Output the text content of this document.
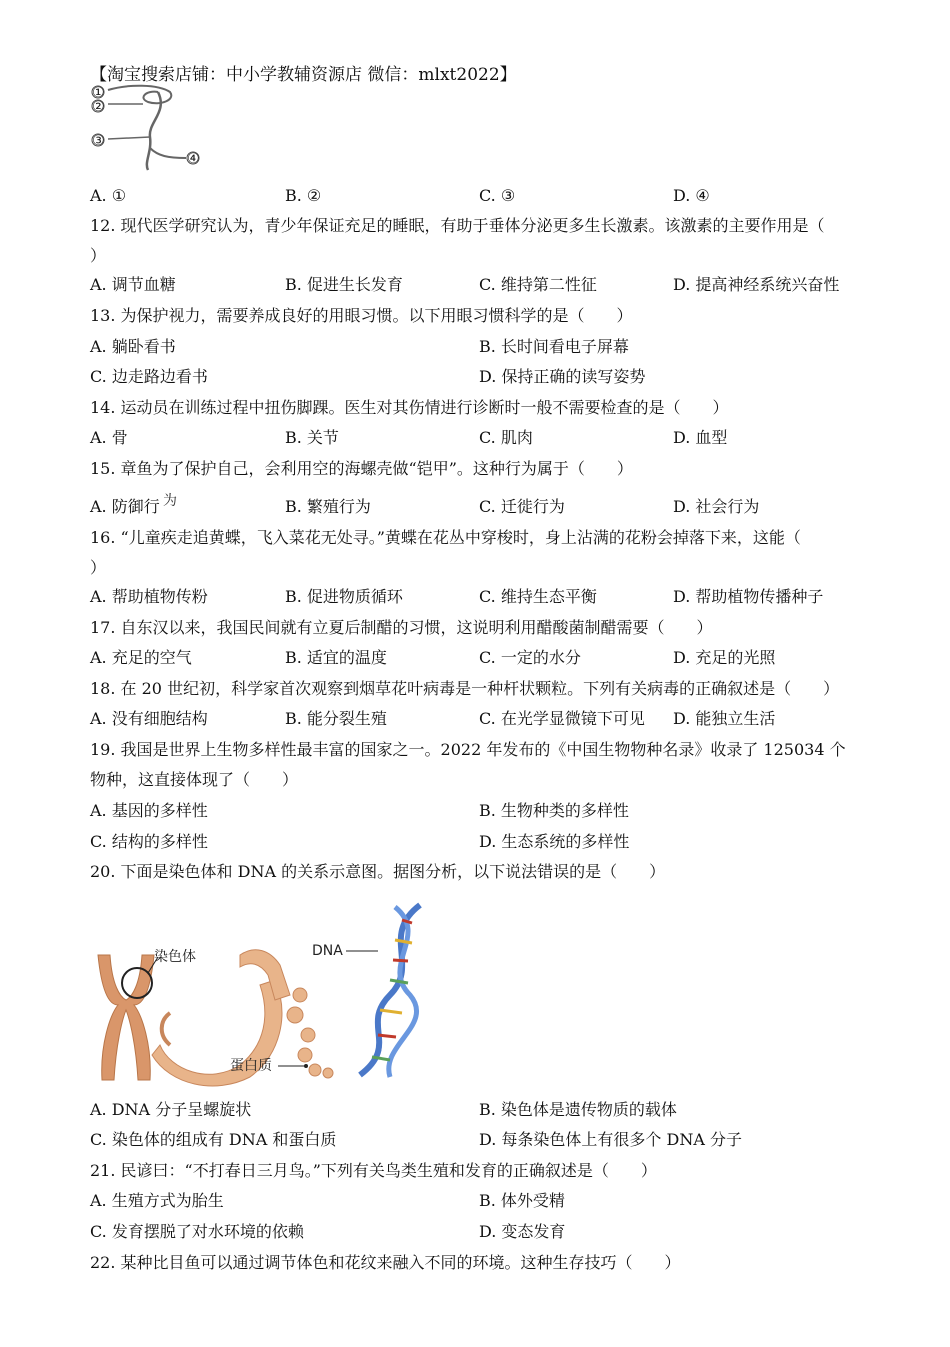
【淘宝搜索店铺：中小学教辅资源店 微信：mlxt2022】
①
②
③
④
A. ①	B. ②	C. ③	D. ④
12. 现代医学研究认为，青少年保证充足的睡眠，有助于垂体分泌更多生长激素。该激素的主要作用是（
）
A. 调节血糖	B. 促进生长发育	C. 维持第二性征	D. 提高神经系统兴奋性
13. 为保护视力，需要养成良好的用眼习惯。以下用眼习惯科学的是（　　）
A. 躺卧看书	B. 长时间看电子屏幕
C. 边走路边看书	D. 保持正确的读写姿势
14. 运动员在训练过程中扭伤脚踝。医生对其伤情进行诊断时一般不需要检查的是（　　）
A. 骨	B. 关节	C. 肌肉	D. 血型
15. 章鱼为了保护自己，会利用空的海螺壳做“铠甲”。这种行为属于（　　）
A. 防御行 为	B. 繁殖行为	C. 迁徙行为	D. 社会行为
16. “儿童疾走追黄蝶，飞入菜花无处寻。”黄蝶在花丛中穿梭时，身上沾满的花粉会掉落下来，这能（
）
A. 帮助植物传粉	B. 促进物质循环	C. 维持生态平衡	D. 帮助植物传播种子
17. 自东汉以来，我国民间就有立夏后制醋的习惯，这说明利用醋酸菌制醋需要（　　）
A. 充足的空气	B. 适宜的温度	C. 一定的水分	D. 充足的光照
18. 在 20 世纪初，科学家首次观察到烟草花叶病毒是一种杆状颗粒。下列有关病毒的正确叙述是（　　）
A. 没有细胞结构	B. 能分裂生殖	C. 在光学显微镜下可见 D. 能独立生活
19. 我国是世界上生物多样性最丰富的国家之一。2022 年发布的《中国生物物种名录》收录了 125034 个
物种，这直接体现了（　　）
A. 基因的多样性	B. 生物种类的多样性
C. 结构的多样性	D. 生态系统的多样性
20. 下面是染色体和 DNA 的关系示意图。据图分析，以下说法错误的是（　　）
染色体	DNA
蛋白质
A. DNA 分子呈螺旋状	B. 染色体是遗传物质的载体
C. 染色体的组成有 DNA 和蛋白质	D. 每条染色体上有很多个 DNA 分子
21. 民谚曰：“不打春日三月鸟。”下列有关鸟类生殖和发育的正确叙述是（　　）
A. 生殖方式为胎生	B. 体外受精
C. 发育摆脱了对水环境的依赖	D. 变态发育
22. 某种比目鱼可以通过调节体色和花纹来融入不同的环境。这种生存技巧（　　）
